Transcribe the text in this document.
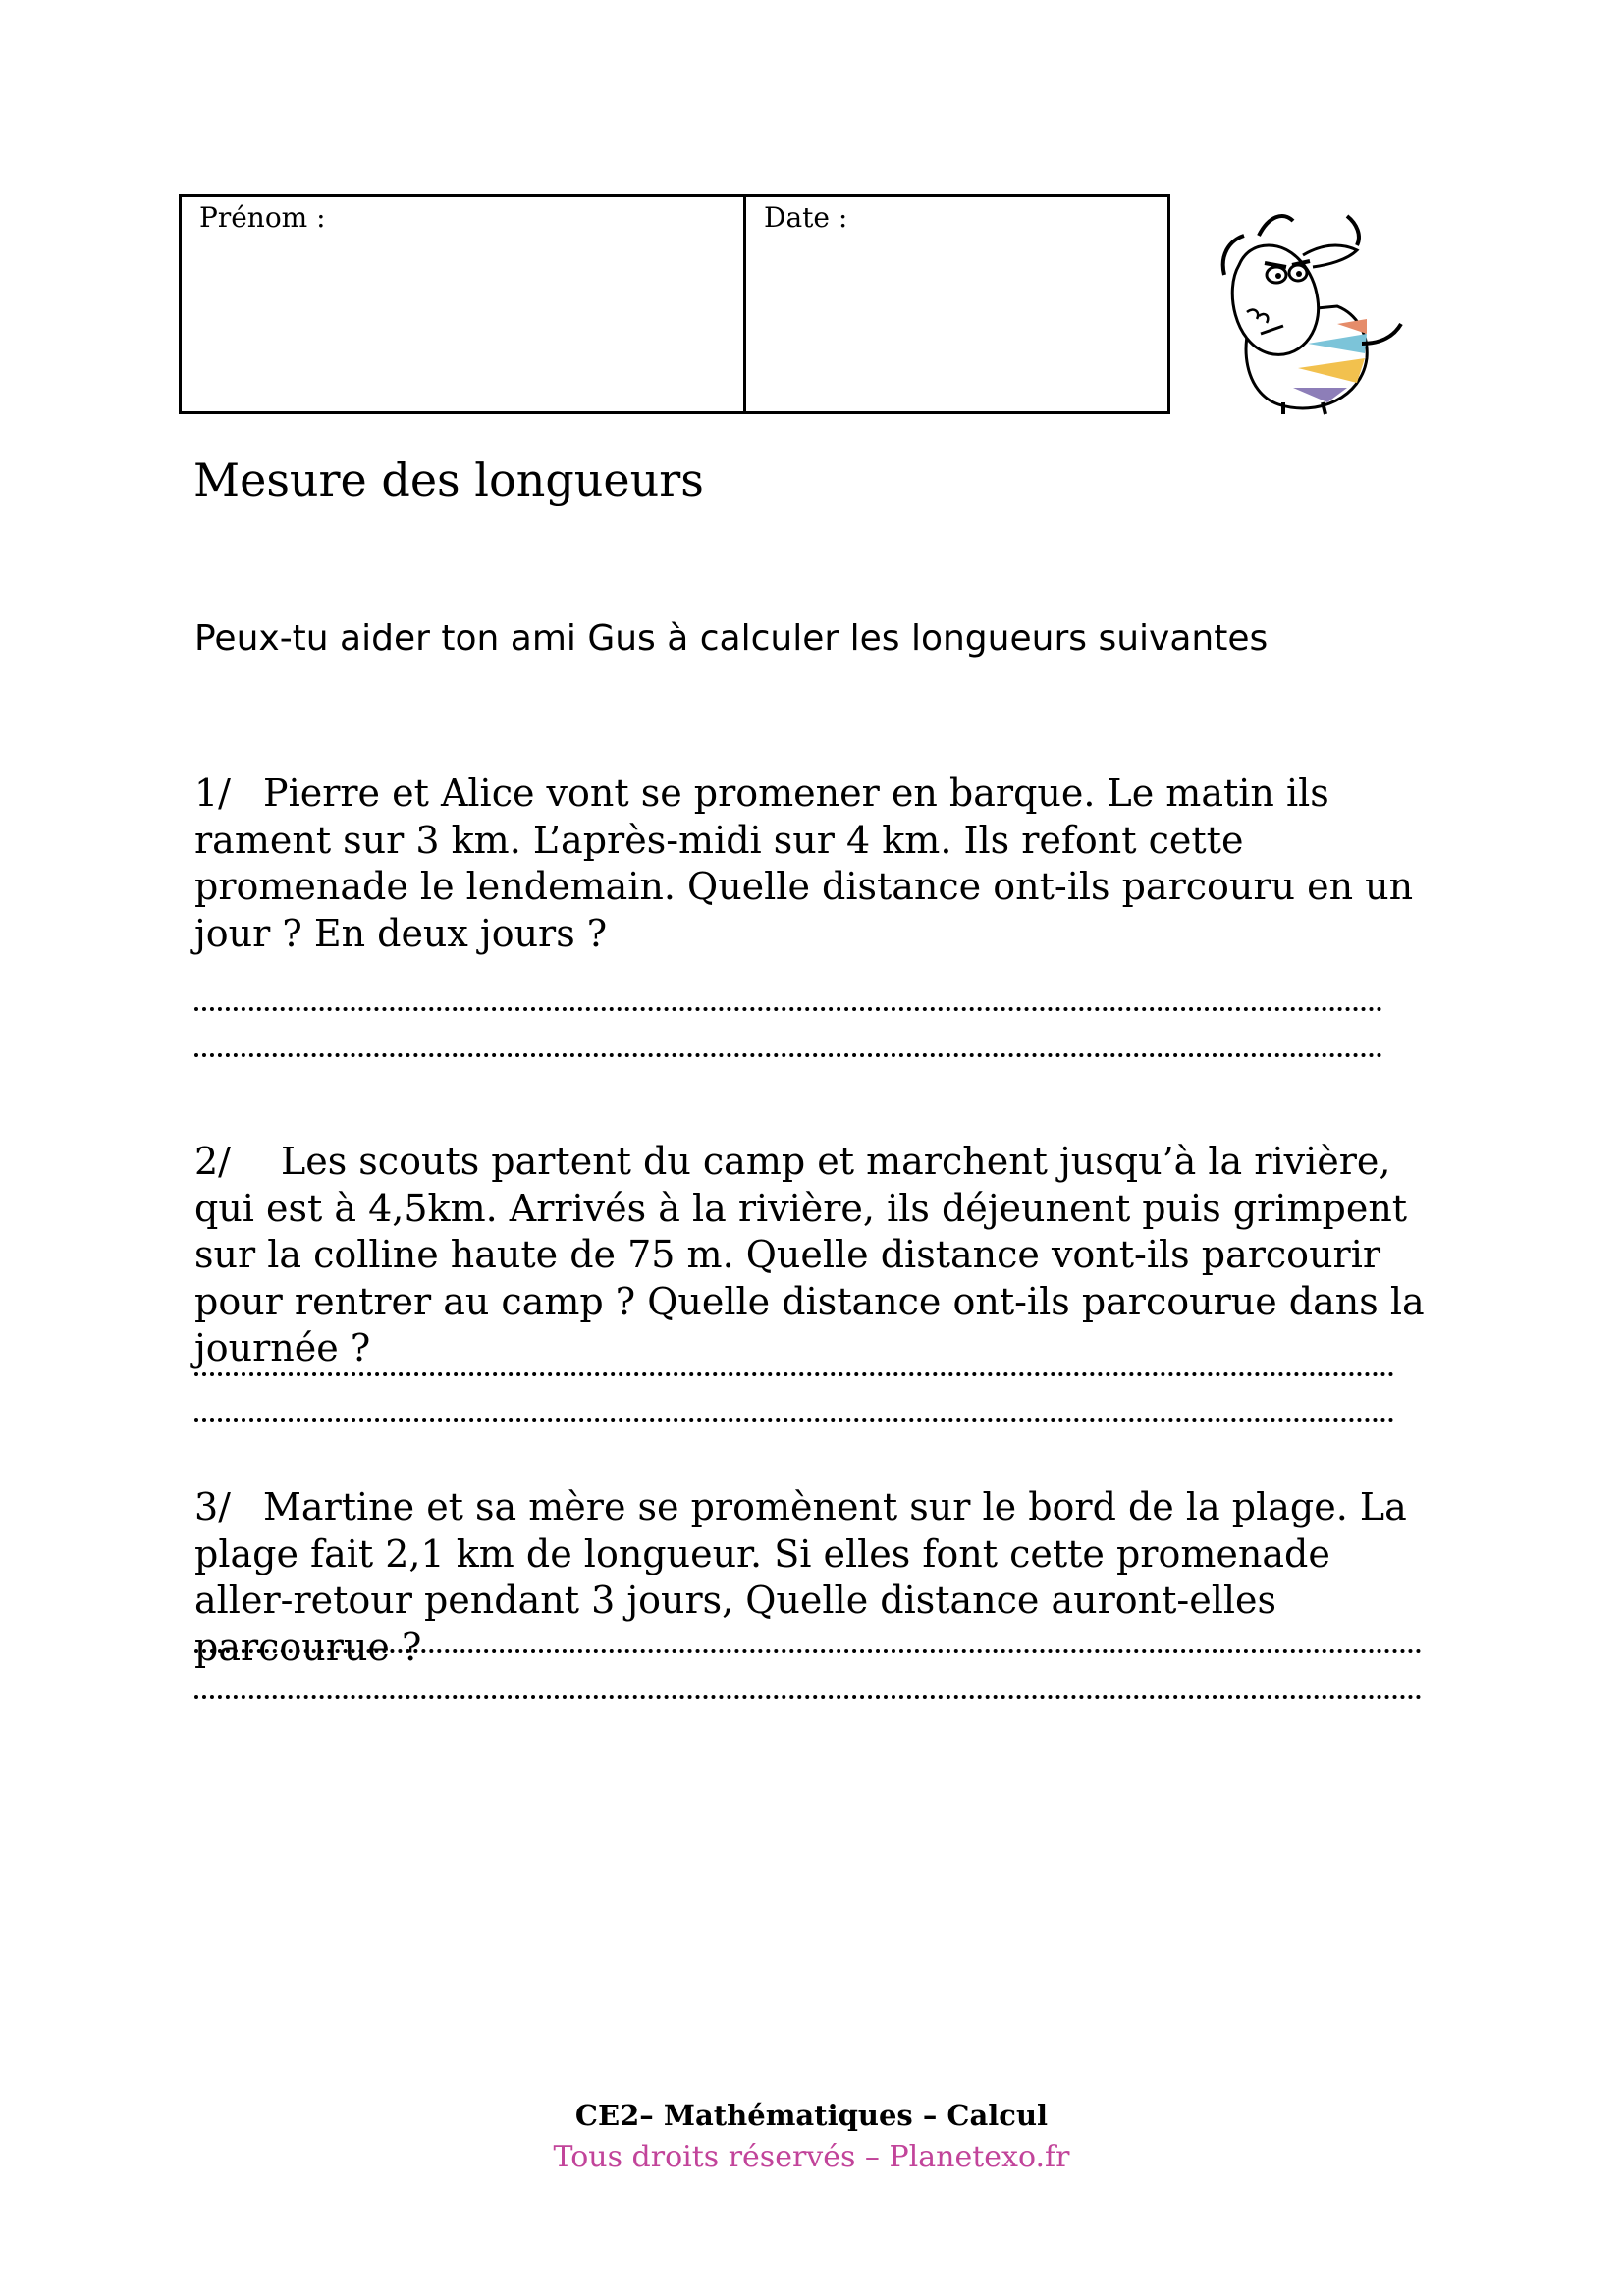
Prénom :	Date :
Mesure des longueurs
Peux-tu aider ton ami Gus à calculer les longueurs suivantes
1/ Pierre et Alice vont se promener en barque. Le matin ils rament sur 3 km. L’après-midi sur 4 km. Ils refont cette promenade le lendemain. Quelle distance ont-ils parcouru en un jour ? En deux jours ?
2/ Les scouts partent du camp et marchent jusqu’à la rivière, qui est à 4,5km. Arrivés à la rivière, ils déjeunent puis grimpent sur la colline haute de 75 m. Quelle distance vont-ils parcourir pour rentrer au camp ? Quelle distance ont-ils parcourue dans la journée ?
3/ Martine et sa mère se promènent sur le bord de la plage. La plage fait 2,1 km de longueur. Si elles font cette promenade aller-retour pendant 3 jours, Quelle distance auront-elles parcourue ?
CE2– Mathématiques – Calcul
Tous droits réservés – Planetexo.fr
